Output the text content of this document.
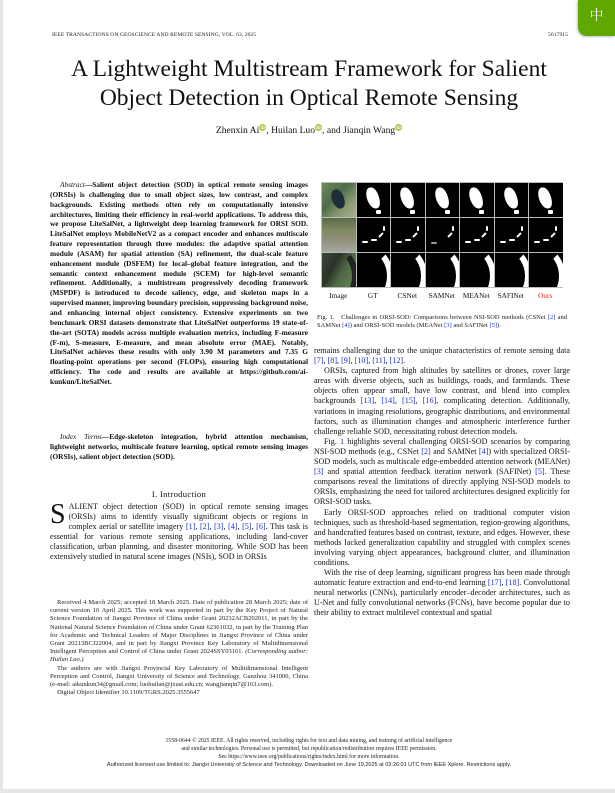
IEEE TRANSACTIONS ON GEOSCIENCE AND REMOTE SENSING, VOL. 63, 2025	5617915
A Lightweight Multistream Framework for Salient
Object Detection in Optical Remote Sensing
Zhenxin AiiD, Huilan LuoiD, and Jianqin WangiD

Abstract—Salient object detection (SOD) in optical remote sensing images (ORSIs) is challenging due to small object sizes, low contrast, and complex backgrounds. Existing methods often rely on computationally intensive architectures, limiting their efficiency in real-world applications. To address this, we propose LiteSalNet, a lightweight deep learning framework for ORSI SOD. LiteSalNet employs MobileNetV2 as a compact encoder and enhances multiscale feature representation through three modules: the adaptive spatial attention module (ASAM) for spatial attention (SA) refinement, the dual-scale feature enhancement module (DSFEM) for local–global feature integration, and the semantic context enhancement module (SCEM) for high-level semantic refinement. Additionally, a multistream progressively decoding framework (MSPDF) is introduced to decode saliency, edge, and skeleton maps in a supervised manner, improving boundary precision, suppressing background noise, and enhancing internal object consistency. Extensive experiments on two benchmark ORSI datasets demonstrate that LiteSalNet outperforms 19 state-of-the-art (SOTA) models across multiple evaluation metrics, including F-measure (F-m), S-measure, E-measure, and mean absolute error (MAE). Notably, LiteSalNet achieves these results with only 3.90 M parameters and 7.35 G floating-point operations per second (FLOPs), ensuring high computational efficiency. The code and results are available at https://github.com/ai-kunkun/LiteSalNet.

Index Terms—Edge-skeleton integration, hybrid attention mechanism, lightweight networks, multiscale feature learning, optical remote sensing images (ORSIs), salient object detection (SOD).

I. Introduction

SALIENT object detection (SOD) in optical remote sensing images (ORSIs) aims to identify visually significant objects or regions in complex aerial or satellite imagery [1], [2], [3], [4], [5], [6]. This task is essential for various remote sensing applications, including land-cover classification, urban planning, and disaster monitoring. While SOD has been extensively studied in natural scene images (NSIs), SOD in ORSIs

Received 4 March 2025; accepted 18 March 2025. Date of publication 28 March 2025; date of current version 10 April 2025. This work was supported in part by the Key Project of Natural Science Foundation of Jiangxi Province of China under Grant 20232ACB202011, in part by the National Natural Science Foundation of China under Grant 62361032, in part by the Training Plan for Academic and Technical Leaders of Major Disciplines in Jiangxi Province of China under Grant 20213BCJ22004, and in part by Jiangxi Province Key Laboratory of Multidimensional Intelligent Perception and Control of China under Grant 2024SSY03161. (Corresponding author: Huilan Luo.)

The authors are with Jiangxi Provincial Key Laboratory of Multidimensional Intelligent Perception and Control, Jiangxi University of Science and Technology, Ganzhou 341000, China (e-mail: aikunkun34@gmail.com; luohuilan@jxust.edu.cn; wangjianqin7@163.com).

Digital Object Identifier 10.1109/TGRS.2025.3555647

Image	GT	CSNet	SAMNet	MEANet	SAFINet	Ours
Fig. 1. Challenges in ORSI-SOD: Comparisons between NSI-SOD methods (CSNet [2] and SAMNet [4]) and ORSI-SOD models (MEANet [3] and SAFINet [5]).

remains challenging due to the unique characteristics of remote sensing data [7], [8], [9], [10], [11], [12].

ORSIs, captured from high altitudes by satellites or drones, cover large areas with diverse objects, such as buildings, roads, and farmlands. These objects often appear small, have low contrast, and blend into complex backgrounds [13], [14], [15], [16], complicating detection. Additionally, variations in imaging resolutions, geographic distributions, and environmental factors, such as illumination changes and atmospheric interference further challenge reliable SOD, necessitating robust detection models.

Fig. 1 highlights several challenging ORSI-SOD scenarios by comparing NSI-SOD methods (e.g., CSNet [2] and SAMNet [4]) with specialized ORSI-SOD models, such as multiscale edge-embedded attention network (MEANet) [3] and spatial attention feedback iteration network (SAFINet) [5]. These comparisons reveal the limitations of directly applying NSI-SOD models to ORSIs, emphasizing the need for tailored architectures designed explicitly for ORSI-SOD tasks.

Early ORSI-SOD approaches relied on traditional computer vision techniques, such as threshold-based segmentation, region-growing algorithms, and handcrafted features based on contrast, texture, and edges. However, these methods lacked generalization capability and struggled with complex scenes involving varying object appearances, background clutter, and illumination conditions.

With the rise of deep learning, significant progress has been made through automatic feature extraction and end-to-end learning [17], [18]. Convolutional neural networks (CNNs), particularly encoder–decoder architectures, such as U-Net and fully convolutional networks (FCNs), have become popular due to their ability to extract multilevel contextual and spatial

1558-0644 © 2025 IEEE. All rights reserved, including rights for text and data mining, and training of artificial intelligence
and similar technologies. Personal use is permitted, but republication/redistribution requires IEEE permission.
See https://www.ieee.org/publications/rights/index.html for more information.
Authorized licensed use limited to: Jiangxi University of Science and Technology. Downloaded on June 19,2025 at 03:26:01 UTC from IEEE Xplore. Restrictions apply.
中
